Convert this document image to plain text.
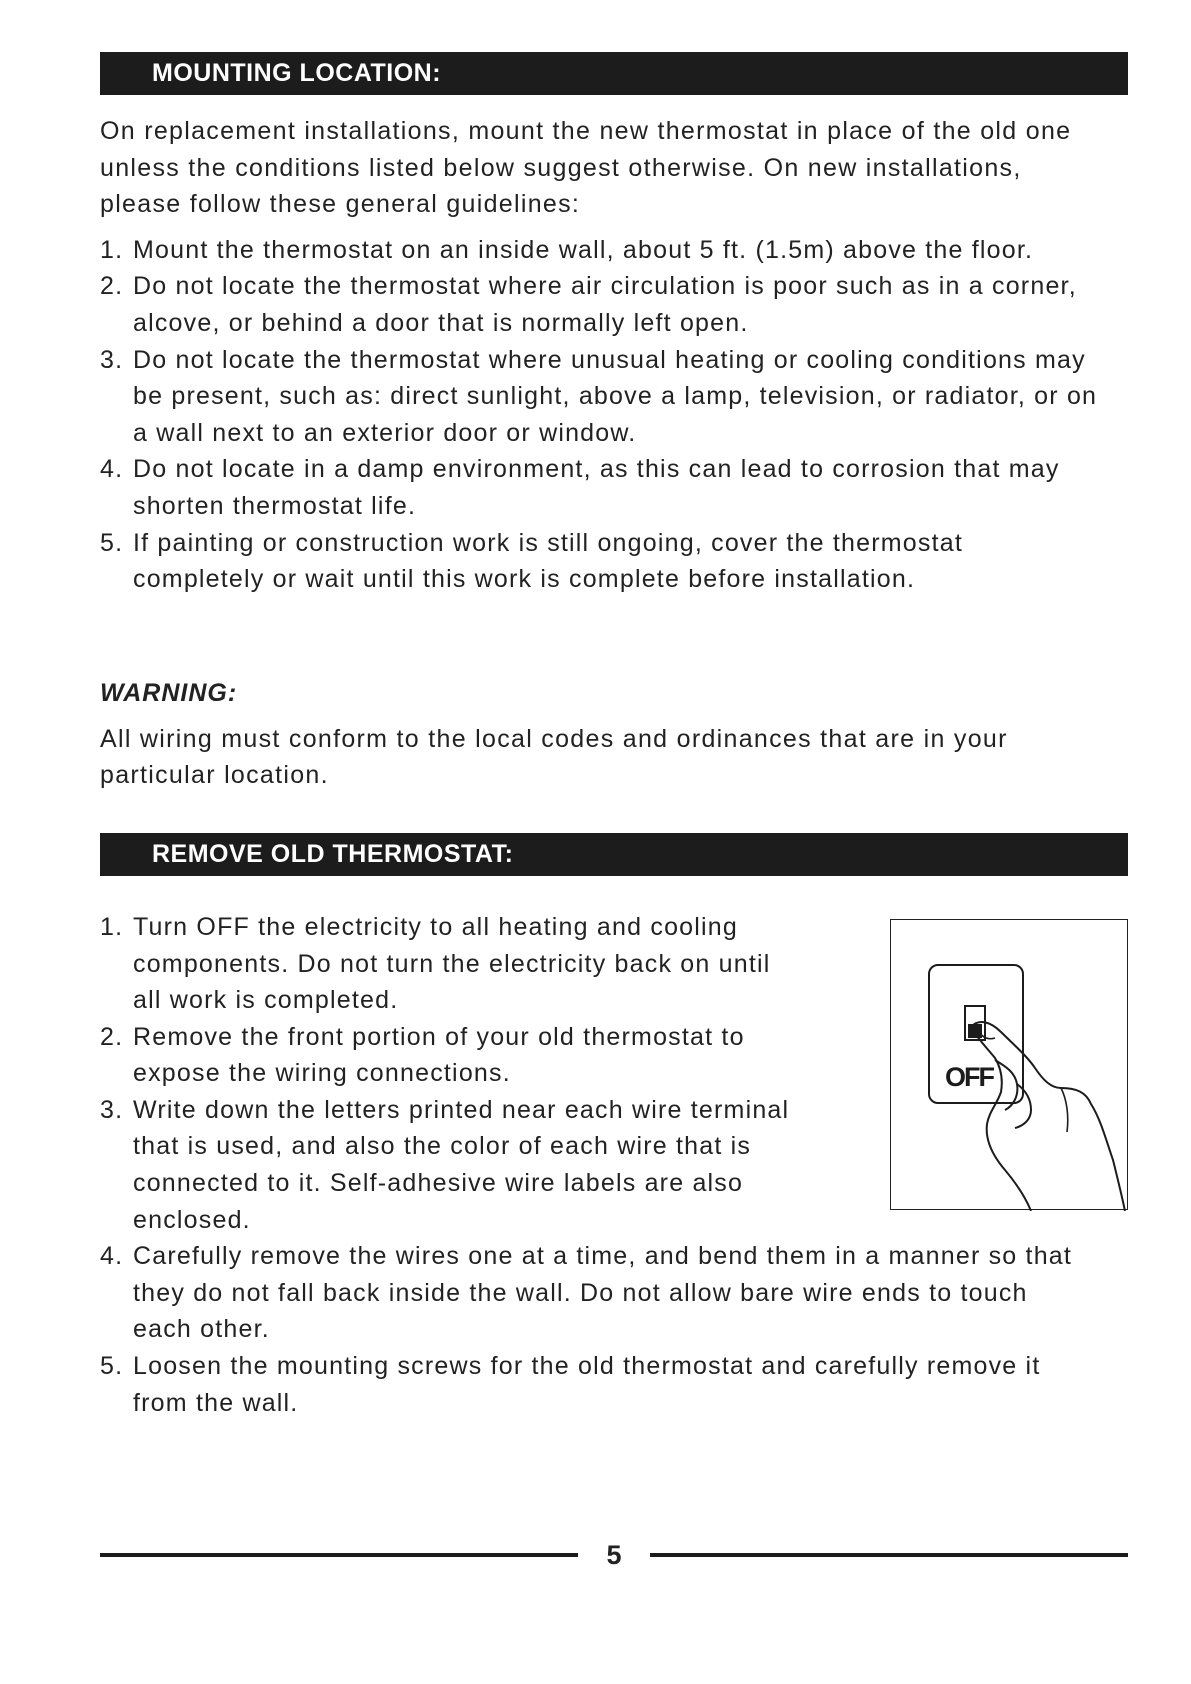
MOUNTING LOCATION:

On replacement installations, mount the new thermostat in place of the old one

unless the conditions listed below suggest otherwise. On new installations,

please follow these general guidelines:

1. Mount the thermostat on an inside wall, about 5 ft. (1.5m) above the floor.
2. Do not locate the thermostat where air circulation is poor such as in a corner,
alcove, or behind a door that is normally left open.
3. Do not locate the thermostat where unusual heating or cooling conditions may
be present, such as: direct sunlight, above a lamp, television, or radiator, or on
a wall next to an exterior door or window.
4. Do not locate in a damp environment, as this can lead to corrosion that may
shorten thermostat life.
5. If painting or construction work is still ongoing, cover the thermostat
completely or wait until this work is complete before installation.

WARNING:

All wiring must conform to the local codes and ordinances that are in your

particular location.

REMOVE OLD THERMOSTAT:
OFF
1. Turn OFF the electricity to all heating and cooling
components. Do not turn the electricity back on until
all work is completed.
2. Remove the front portion of your old thermostat to
expose the wiring connections.
3. Write down the letters printed near each wire terminal
that is used, and also the color of each wire that is
connected to it. Self-adhesive wire labels are also
enclosed.
4. Carefully remove the wires one at a time, and bend them in a manner so that
they do not fall back inside the wall. Do not allow bare wire ends to touch
each other.
5. Loosen the mounting screws for the old thermostat and carefully remove it
from the wall.
5
